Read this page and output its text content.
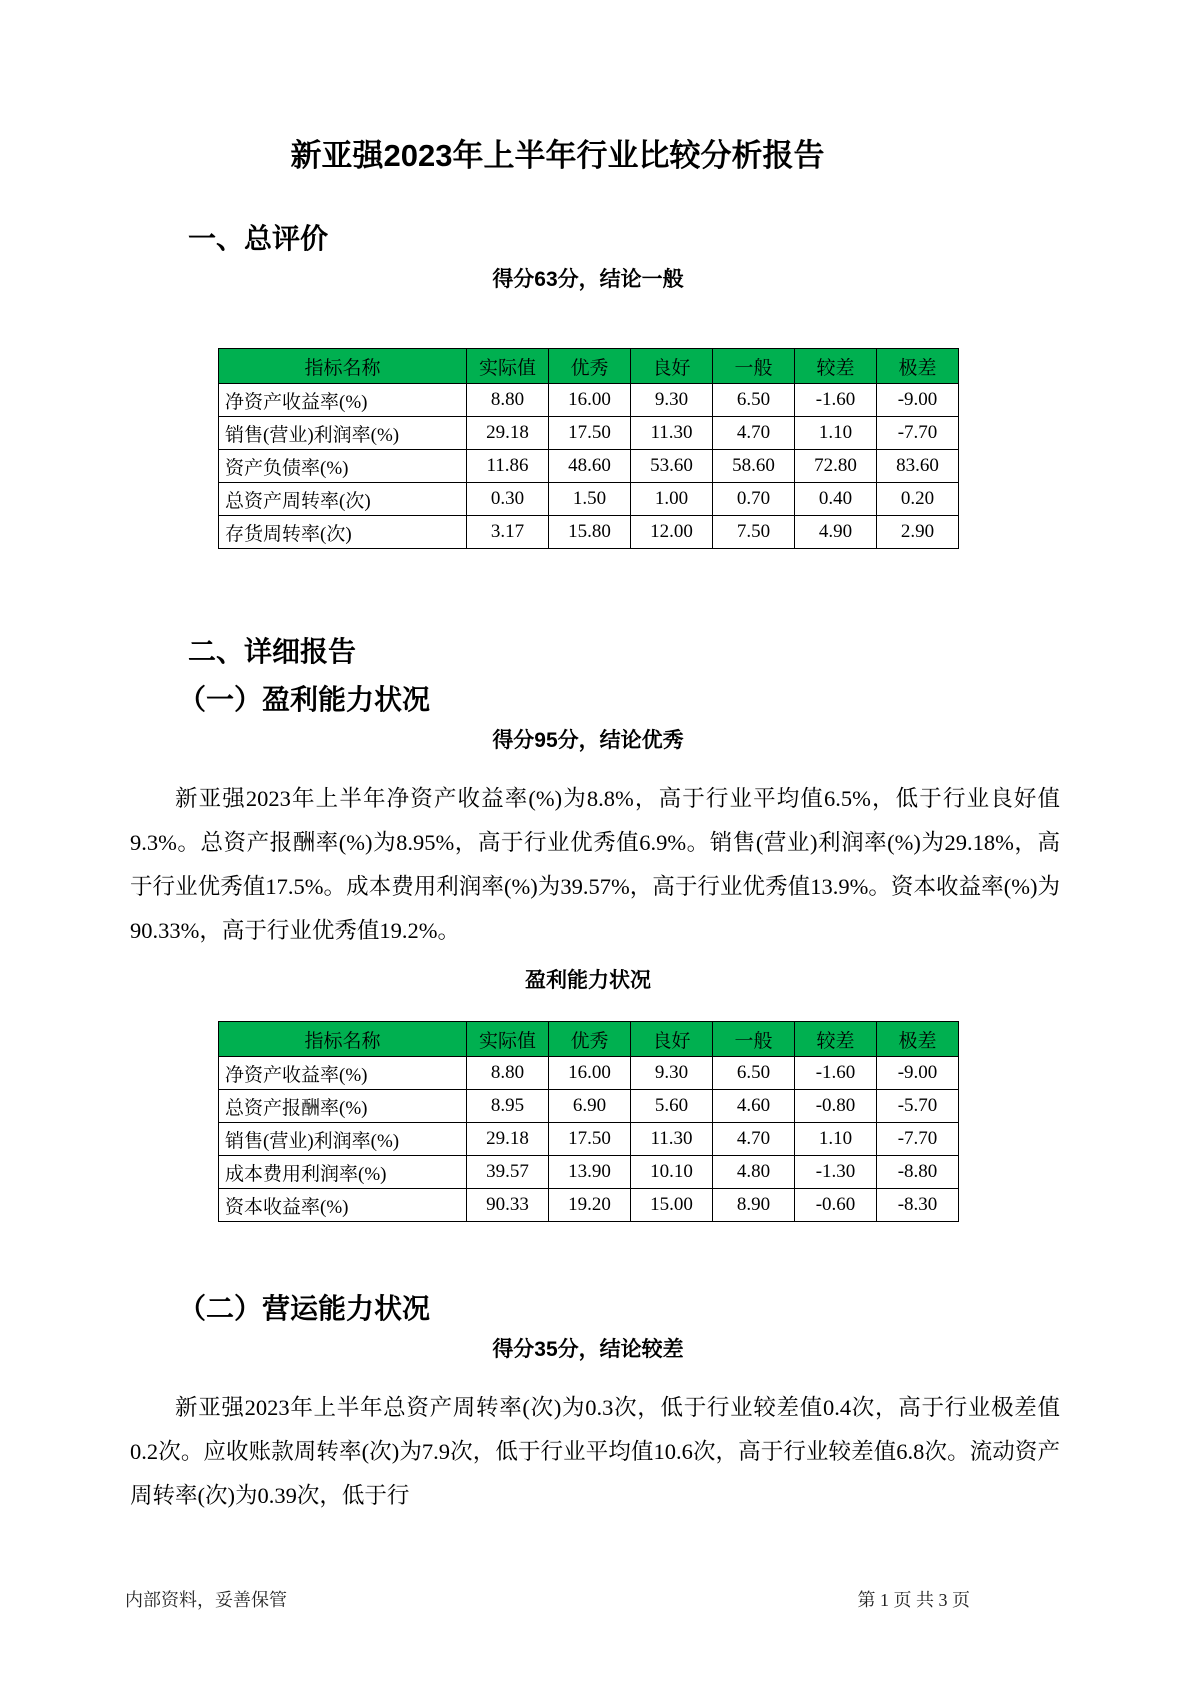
新亚强2023年上半年行业比较分析报告
一、总评价
得分63分，结论一般
指标名称	实际值	优秀	良好	一般	较差	极差
净资产收益率(%)	8.80	16.00	9.30	6.50	-1.60	-9.00
销售(营业)利润率(%)	29.18	17.50	11.30	4.70	1.10	-7.70
资产负债率(%)	11.86	48.60	53.60	58.60	72.80	83.60
总资产周转率(次)	0.30	1.50	1.00	0.70	0.40	0.20
存货周转率(次)	3.17	15.80	12.00	7.50	4.90	2.90
二、详细报告
（一）盈利能力状况
得分95分，结论优秀

新亚强2023年上半年净资产收益率(%)为8.8%，高于行业平均值6.5%，低于行业良好值9.3%。总资产报酬率(%)为8.95%，高于行业优秀值6.9%。销售(营业)利润率(%)为29.18%，高于行业优秀值17.5%。成本费用利润率(%)为39.57%，高于行业优秀值13.9%。资本收益率(%)为90.33%，高于行业优秀值19.2%。

盈利能力状况
指标名称	实际值	优秀	良好	一般	较差	极差
净资产收益率(%)	8.80	16.00	9.30	6.50	-1.60	-9.00
总资产报酬率(%)	8.95	6.90	5.60	4.60	-0.80	-5.70
销售(营业)利润率(%)	29.18	17.50	11.30	4.70	1.10	-7.70
成本费用利润率(%)	39.57	13.90	10.10	4.80	-1.30	-8.80
资本收益率(%)	90.33	19.20	15.00	8.90	-0.60	-8.30
（二）营运能力状况
得分35分，结论较差

新亚强2023年上半年总资产周转率(次)为0.3次，低于行业较差值0.4次，高于行业极差值0.2次。应收账款周转率(次)为7.9次，低于行业平均值10.6次，高于行业较差值6.8次。流动资产周转率(次)为0.39次，低于行

内部资料，妥善保管	第 1 页 共 3 页
